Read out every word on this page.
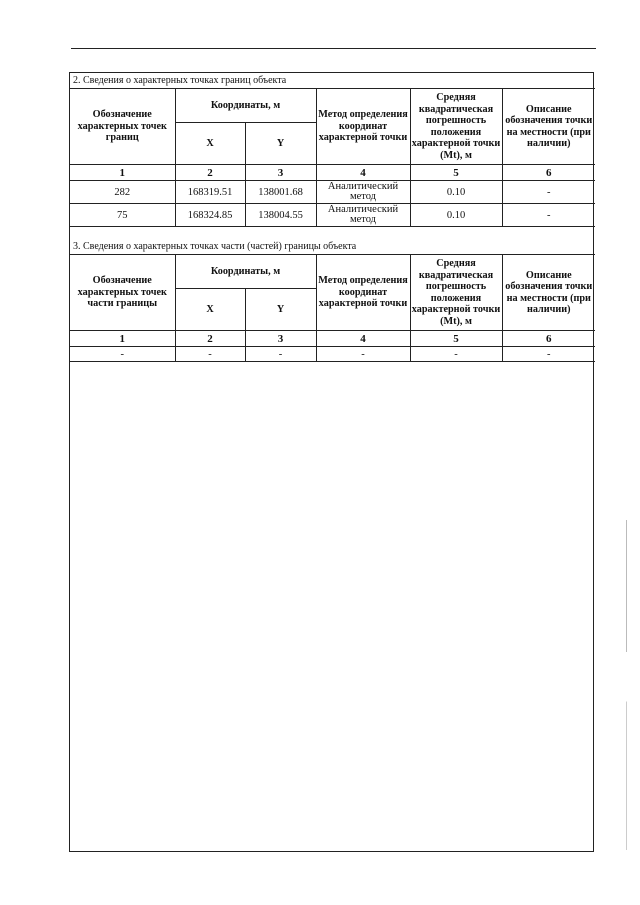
2. Сведения о характерных точках границ объекта					
Обозначение характерных точек границ	Координаты, м		Метод определения координат характерной точки	Средняя квадратическая погрешность положения характерной точки (Mt), м	Описание обозначения точки на местности (при наличии)
	X	Y			
1	2	3	4	5	6
282	168319.51	138001.68	Аналитический метод	0.10	-
75	168324.85	138004.55	Аналитический метод	0.10	-
3. Сведения о характерных точках части (частей) границы объекта					
Обозначение характерных точек части границы	Координаты, м		Метод определения координат характерной точки	Средняя квадратическая погрешность положения характерной точки (Mt), м	Описание обозначения точки на местности (при наличии)
	X	Y			
1	2	3	4	5	6
-	-	-	-	-	-
